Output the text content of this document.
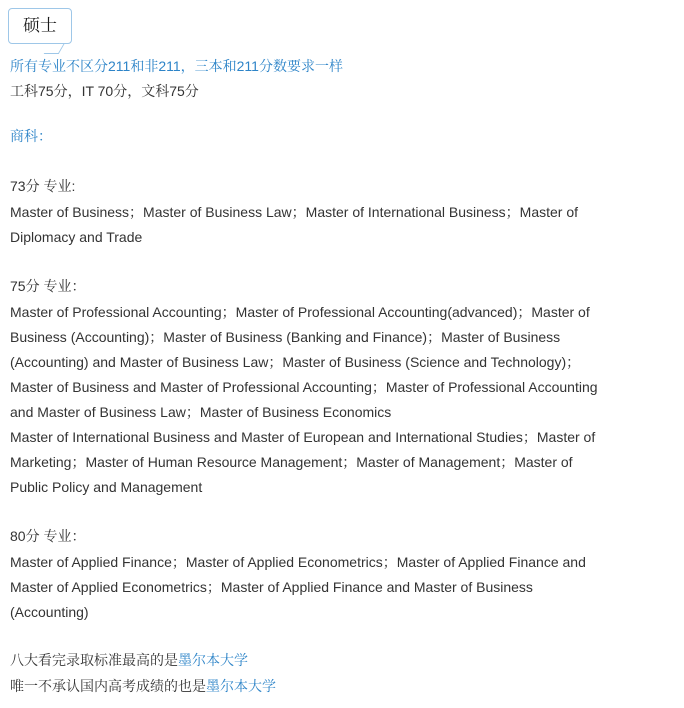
硕士

所有专业不区分211和非211，三本和211分数要求一样

工科75分，IT 70分，文科75分

商科：

73分 专业:

Master of Business；Master of Business Law；Master of International Business；Master of

Diplomacy and Trade

75分 专业：

Master of Professional Accounting；Master of Professional Accounting(advanced)；Master of

Business (Accounting)；Master of Business (Banking and Finance)；Master of Business

(Accounting) and Master of Business Law；Master of Business (Science and Technology)；

Master of Business and Master of Professional Accounting；Master of Professional Accounting

and Master of Business Law；Master of Business Economics

Master of International Business and Master of European and International Studies；Master of

Marketing；Master of Human Resource Management；Master of Management；Master of

Public Policy and Management

80分 专业：

Master of Applied Finance；Master of Applied Econometrics；Master of Applied Finance and

Master of Applied Econometrics；Master of Applied Finance and Master of Business

(Accounting)

八大看完录取标准最高的是墨尔本大学

唯一不承认国内高考成绩的也是墨尔本大学
